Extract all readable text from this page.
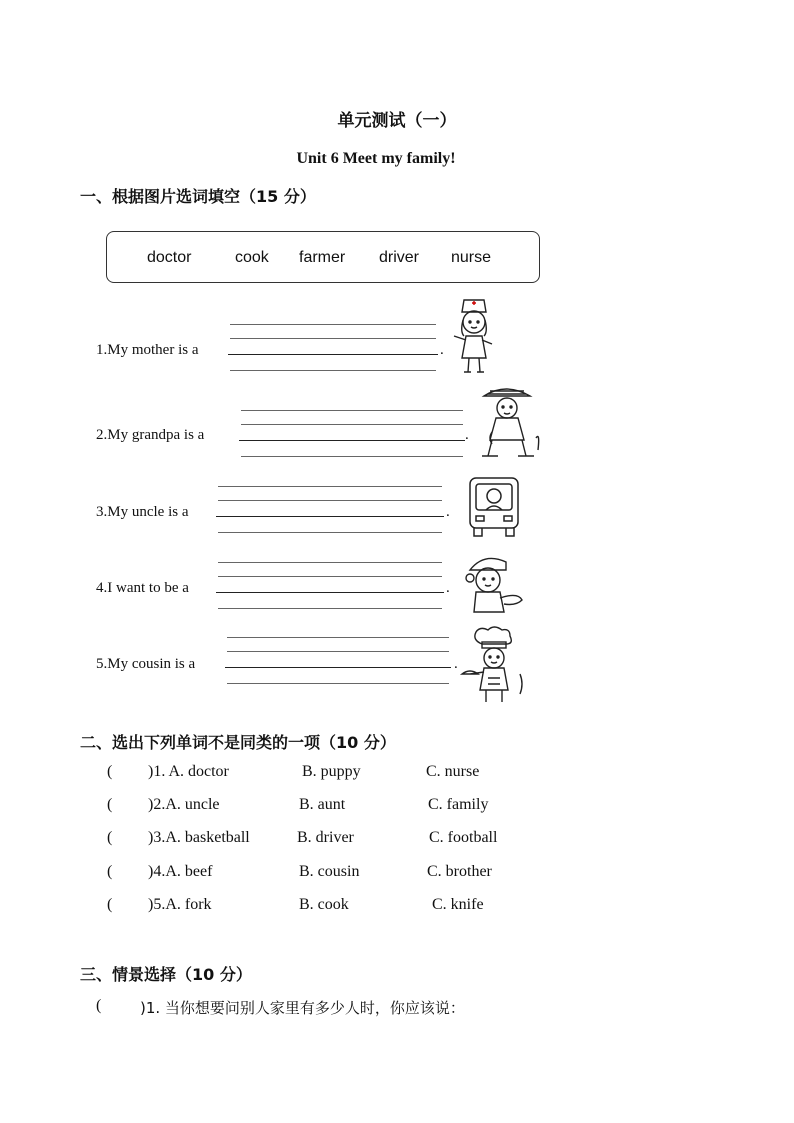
单元测试（一）
Unit 6 Meet my family!
一、根据图片选词填空（15 分）
doctor	cook farmer driver nurse
1.My mother is a	.
2.My grandpa is a	.
3.My uncle is a	.
4.I want to be a	.
5.My cousin is a	.
二、选出下列单词不是同类的一项（10 分）
( )1. A. doctor	B. puppy	C. nurse
( )2.A. uncle	B. aunt	C. family
( )3.A. basketball	B. driver	C. football
( )4.A. beef	B. cousin	C. brother
( )5.A. fork	B. cook	C. knife
三、情景选择（10 分）
(	)1. 当你想要问别人家里有多少人时，你应该说：
